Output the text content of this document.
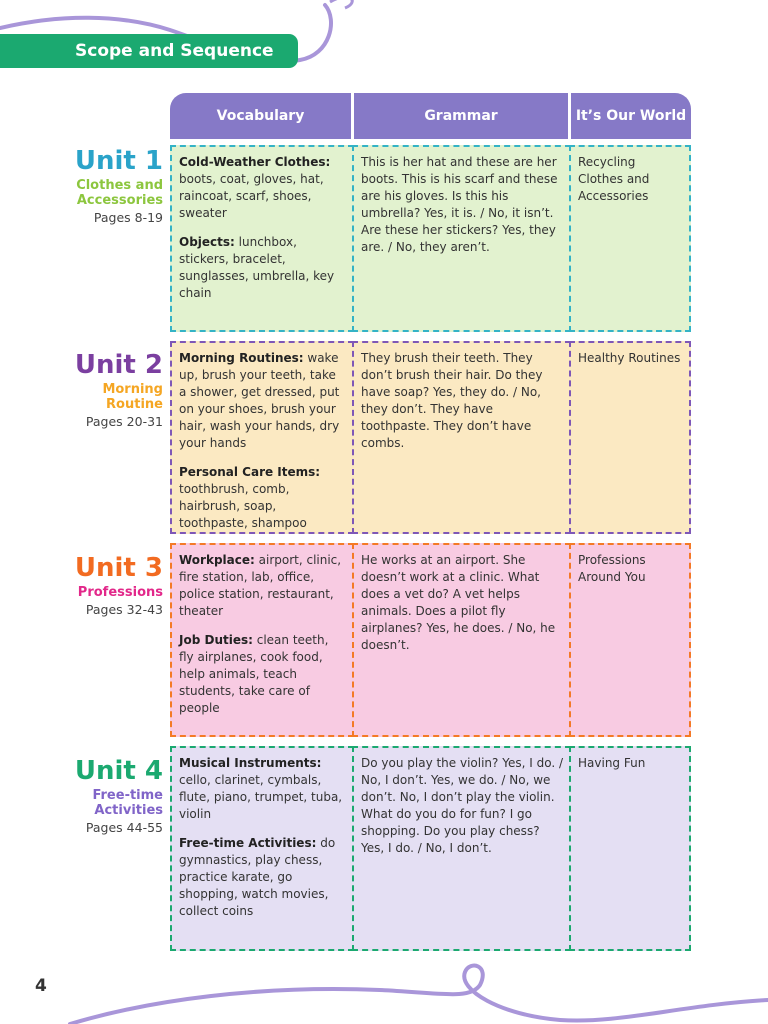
Scope and Sequence
Vocabulary	Grammar	It’s Our World
Unit 1
Clothes and Accessories
Pages 8-19

Cold-Weather Clothes: boots, coat, gloves, hat, raincoat, scarf, shoes, sweater

Objects: lunchbox, stickers, bracelet, sunglasses, umbrella, key chain

This is her hat and these are her boots. This is his scarf and these are his gloves. Is this his umbrella? Yes, it is. / No, it isn’t. Are these her stickers? Yes, they are. / No, they aren’t.
Recycling Clothes and Accessories
Unit 2
Morning Routine
Pages 20-31

Morning Routines: wake up, brush your teeth, take a shower, get dressed, put on your shoes, brush your hair, wash your hands, dry your hands

Personal Care Items: toothbrush, comb, hairbrush, soap, toothpaste, shampoo

They brush their teeth. They don’t brush their hair. Do they have soap? Yes, they do. / No, they don’t. They have toothpaste. They don’t have combs.
Healthy Routines
Unit 3
Professions
Pages 32-43

Workplace: airport, clinic, fire station, lab, office, police station, restaurant, theater

Job Duties: clean teeth, fly airplanes, cook food, help animals, teach students, take care of people

He works at an airport. She doesn’t work at a clinic. What does a vet do? A vet helps animals. Does a pilot fly airplanes? Yes, he does. / No, he doesn’t.
Professions Around You
Unit 4
Free-time Activities
Pages 44-55

Musical Instruments: cello, clarinet, cymbals, flute, piano, trumpet, tuba, violin

Free-time Activities: do gymnastics, play chess, practice karate, go shopping, watch movies, collect coins

Do you play the violin? Yes, I do. / No, I don’t. Yes, we do. / No, we don’t. No, I don’t play the violin. What do you do for fun? I go shopping. Do you play chess? Yes, I do. / No, I don’t.
Having Fun
4
